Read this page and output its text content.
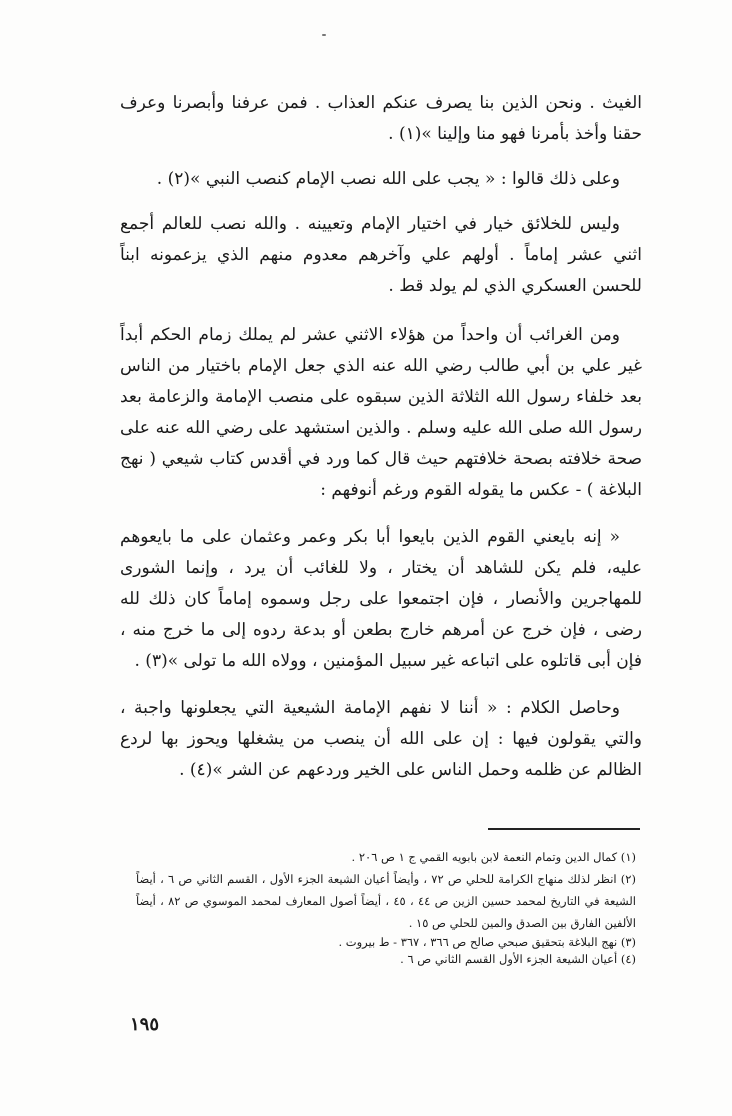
الغيث . ونحن الذين بنا يصرف عنكم العذاب . فمن عرفنا وأبصرنا وعرف حقنا وأخذ بأمرنا فهو منا وإلينا »(١) .

وعلى ذلك قالوا : « يجب على الله نصب الإمام كنصب النبي »(٢) .

وليس للخلائق خيار في اختيار الإمام وتعيينه . والله نصب للعالم أجمع اثني عشر إماماً . أولهم علي وآخرهم معدوم منهم الذي يزعمونه ابناً للحسن العسكري الذي لم يولد قط .

ومن الغرائب أن واحداً من هؤلاء الاثني عشر لم يملك زمام الحكم أبداً غير علي بن أبي طالب رضي الله عنه الذي جعل الإمام باختيار من الناس بعد خلفاء رسول الله الثلاثة الذين سبقوه على منصب الإمامة والزعامة بعد رسول الله صلى الله عليه وسلم . والذين استشهد على رضي الله عنه على صحة خلافته بصحة خلافتهم حيث قال كما ورد في أقدس كتاب شيعي ( نهج البلاغة ) - عكس ما يقوله القوم ورغم أنوفهم :

« إنه بايعني القوم الذين بايعوا أبا بكر وعمر وعثمان على ما بايعوهم عليه، فلم يكن للشاهد أن يختار ، ولا للغائب أن يرد ، وإنما الشورى للمهاجرين والأنصار ، فإن اجتمعوا على رجل وسموه إماماً كان ذلك لله رضى ، فإن خرج عن أمرهم خارج بطعن أو بدعة ردوه إلى ما خرج منه ، فإن أبى قاتلوه على اتباعه غير سبيل المؤمنين ، وولاه الله ما تولى »(٣) .

وحاصل الكلام : « أننا لا نفهم الإمامة الشيعية التي يجعلونها واجبة ، والتي يقولون فيها : إن على الله أن ينصب من يشغلها ويحوز بها لردع الظالم عن ظلمه وحمل الناس على الخير وردعهم عن الشر »(٤) .

(١) كمال الدين وتمام النعمة لابن بابويه القمي ج ١ ص ٢٠٦ .

(٢) انظر لذلك منهاج الكرامة للحلي ص ٧٢ ، وأيضاً أعيان الشيعة الجزء الأول ، القسم الثاني ص ٦ ، أيضاً الشيعة في التاريخ لمحمد حسين الزين ص ٤٤ ، ٤٥ ، أيضاً أصول المعارف لمحمد الموسوي ص ٨٢ ، أيضاً الألفين الفارق بين الصدق والمين للحلي ص ١٥ .

(٣) نهج البلاغة بتحقيق صبحي صالح ص ٣٦٦ ، ٣٦٧ - ط بيروت .

(٤) أعيان الشيعة الجزء الأول القسم الثاني ص ٦ .

١٩٥
